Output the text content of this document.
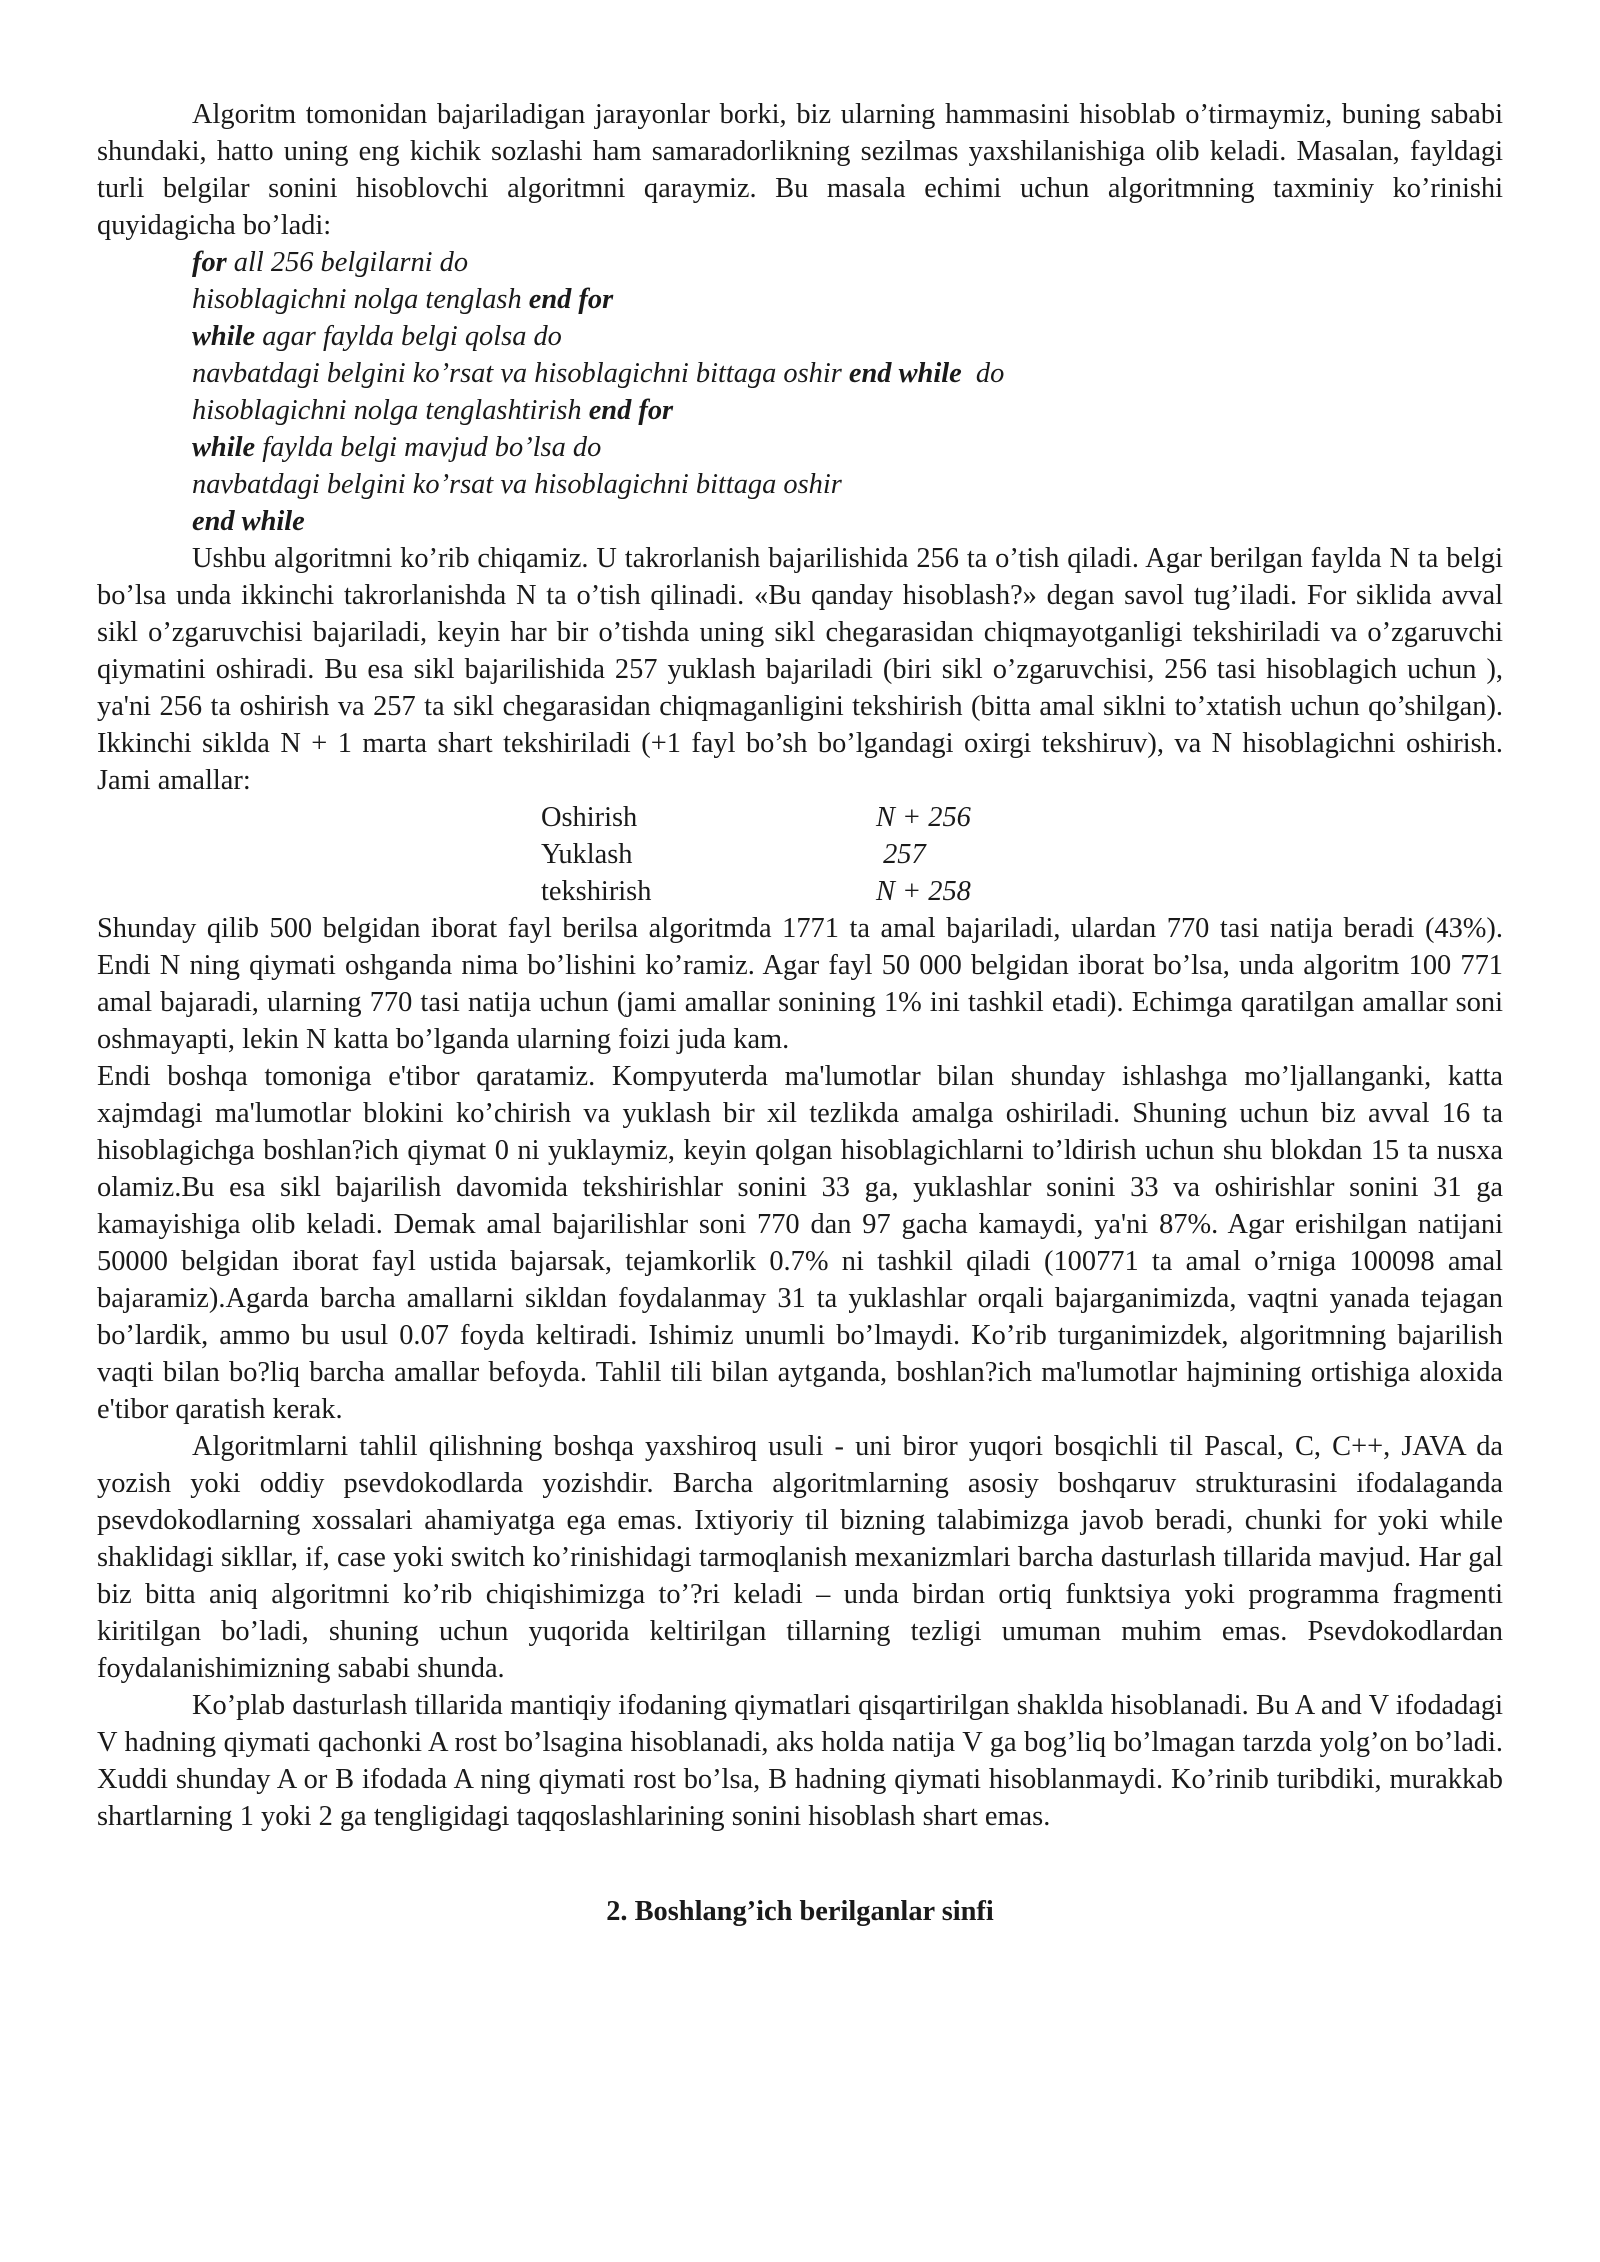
Algoritm tomonidan bajariladigan jarayonlar borki, biz ularning hammasini hisoblab o’tirmaymiz, buning sababi shundaki, hatto uning eng kichik sozlashi ham samaradorlikning sezilmas yaxshilanishiga olib keladi. Masalan, fayldagi turli belgilar sonini hisoblovchi algoritmni qaraymiz. Bu masala echimi uchun algoritmning taxminiy ko’rinishi quyidagicha bo’ladi:

for all 256 belgilarni do
hisoblagichni nolga tenglash end for
while agar faylda belgi qolsa do
navbatdagi belgini ko’rsat va hisoblagichni bittaga oshir end while  do
hisoblagichni nolga tenglashtirish end for
while faylda belgi mavjud bo’lsa do
navbatdagi belgini ko’rsat va hisoblagichni bittaga oshir
end while

Ushbu algoritmni ko’rib chiqamiz. U takrorlanish bajarilishida 256 ta o’tish qiladi. Agar berilgan faylda N ta belgi bo’lsa unda ikkinchi takrorlanishda N ta o’tish qilinadi. «Bu qanday hisoblash?» degan savol tug’iladi. For siklida avval sikl o’zgaruvchisi bajariladi, keyin har bir o’tishda uning sikl chegarasidan chiqmayotganligi tekshiriladi va o’zgaruvchi qiymatini oshiradi. Bu esa sikl bajarilishida 257 yuklash bajariladi (biri sikl o’zgaruvchisi, 256 tasi hisoblagich uchun ), ya'ni 256 ta oshirish va 257 ta sikl chegarasidan chiqmaganligini tekshirish (bitta amal siklni to’xtatish uchun qo’shilgan). Ikkinchi siklda N + 1 marta shart tekshiriladi (+1 fayl bo’sh bo’lgandagi oxirgi tekshiruv), va N hisoblagichni oshirish. Jami amallar:

Oshirish	N + 256
Yuklash	257
tekshirish	N + 258

Shunday qilib 500 belgidan iborat fayl berilsa algoritmda 1771 ta amal bajariladi, ulardan 770 tasi natija beradi (43%). Endi N ning qiymati oshganda nima bo’lishini ko’ramiz. Agar fayl 50 000 belgidan iborat bo’lsa, unda algoritm 100 771 amal bajaradi, ularning 770 tasi natija uchun (jami amallar sonining 1% ini tashkil etadi). Echimga qaratilgan amallar soni oshmayapti, lekin N katta bo’lganda ularning foizi juda kam.

Endi boshqa tomoniga e'tibor qaratamiz. Kompyuterda ma'lumotlar bilan shunday ishlashga mo’ljallanganki, katta xajmdagi ma'lumotlar blokini ko’chirish va yuklash bir xil tezlikda amalga oshiriladi. Shuning uchun biz avval 16 ta hisoblagichga boshlan?ich qiymat 0 ni yuklaymiz, keyin qolgan hisoblagichlarni to’ldirish uchun shu blokdan 15 ta nusxa olamiz.Bu esa sikl bajarilish davomida tekshirishlar sonini 33 ga, yuklashlar sonini 33 va oshirishlar sonini 31 ga kamayishiga olib keladi. Demak amal bajarilishlar soni 770 dan 97 gacha kamaydi, ya'ni 87%. Agar erishilgan natijani 50000 belgidan iborat fayl ustida bajarsak, tejamkorlik 0.7% ni tashkil qiladi (100771 ta amal o’rniga 100098 amal bajaramiz).Agarda barcha amallarni sikldan foydalanmay 31 ta yuklashlar orqali bajarganimizda, vaqtni yanada tejagan bo’lardik, ammo bu usul 0.07 foyda keltiradi. Ishimiz unumli bo’lmaydi. Ko’rib turganimizdek, algoritmning bajarilish vaqti bilan bo?liq barcha amallar befoyda. Tahlil tili bilan aytganda, boshlan?ich ma'lumotlar hajmining ortishiga aloxida e'tibor qaratish kerak.

Algoritmlarni tahlil qilishning boshqa yaxshiroq usuli - uni biror yuqori bosqichli til Pascal, C, C++, JAVA da yozish yoki oddiy psevdokodlarda yozishdir. Barcha algoritmlarning asosiy boshqaruv strukturasini ifodalaganda psevdokodlarning xossalari ahamiyatga ega emas. Ixtiyoriy til bizning talabimizga javob beradi, chunki for yoki while shaklidagi sikllar, if, case yoki switch ko’rinishidagi tarmoqlanish mexanizmlari barcha dasturlash tillarida mavjud. Har gal biz bitta aniq algoritmni ko’rib chiqishimizga to’?ri keladi – unda birdan ortiq funktsiya yoki programma fragmenti kiritilgan bo’ladi, shuning uchun yuqorida keltirilgan tillarning tezligi umuman muhim emas. Psevdokodlardan foydalanishimizning sababi shunda.

Ko’plab dasturlash tillarida mantiqiy ifodaning qiymatlari qisqartirilgan shaklda hisoblanadi. Bu A and V ifodadagi V hadning qiymati qachonki A rost bo’lsagina hisoblanadi, aks holda natija V ga bog’liq bo’lmagan tarzda yolg’on bo’ladi. Xuddi shunday A or B ifodada A ning qiymati rost bo’lsa, B hadning qiymati hisoblanmaydi. Ko’rinib turibdiki, murakkab shartlarning 1 yoki 2 ga tengligidagi taqqoslashlarining sonini hisoblash shart emas.

2. Boshlang’ich berilganlar sinfi
